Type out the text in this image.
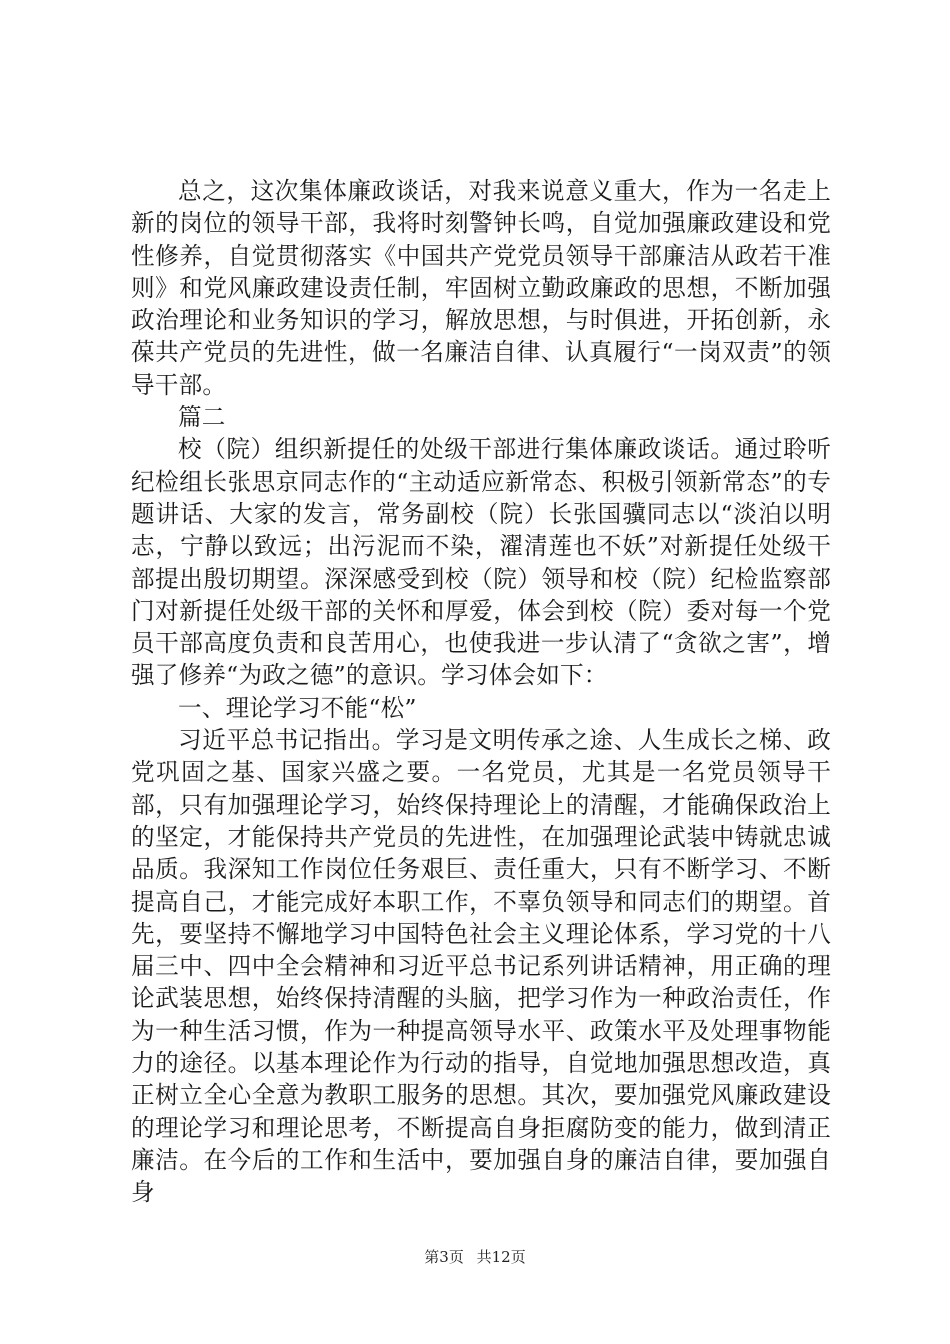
总之，这次集体廉政谈话，对我来说意义重大，作为一名走上新的岗位的领导干部，我将时刻警钟长鸣，自觉加强廉政建设和党性修养，自觉贯彻落实《中国共产党党员领导干部廉洁从政若干准则》和党风廉政建设责任制，牢固树立勤政廉政的思想，不断加强政治理论和业务知识的学习，解放思想，与时俱进，开拓创新，永葆共产党员的先进性，做一名廉洁自律、认真履行“一岗双责”的领导干部。

篇二

校（院）组织新提任的处级干部进行集体廉政谈话。通过聆听纪检组长张思京同志作的“主动适应新常态、积极引领新常态”的专题讲话、大家的发言，常务副校（院）长张国骥同志以“淡泊以明志，宁静以致远；出污泥而不染，濯清莲也不妖”对新提任处级干部提出殷切期望。深深感受到校（院）领导和校（院）纪检监察部门对新提任处级干部的关怀和厚爱，体会到校（院）委对每一个党员干部高度负责和良苦用心，也使我进一步认清了“贪欲之害”，增强了修养“为政之德”的意识。学习体会如下：

一、理论学习不能“松”

习近平总书记指出。学习是文明传承之途、人生成长之梯、政党巩固之基、国家兴盛之要。一名党员，尤其是一名党员领导干部，只有加强理论学习，始终保持理论上的清醒，才能确保政治上的坚定，才能保持共产党员的先进性，在加强理论武装中铸就忠诚品质。我深知工作岗位任务艰巨、责任重大，只有不断学习、不断提高自己，才能完成好本职工作，不辜负领导和同志们的期望。首先，要坚持不懈地学习中国特色社会主义理论体系，学习党的十八届三中、四中全会精神和习近平总书记系列讲话精神，用正确的理论武装思想，始终保持清醒的头脑，把学习作为一种政治责任，作为一种生活习惯，作为一种提高领导水平、政策水平及处理事物能力的途径。以基本理论作为行动的指导，自觉地加强思想改造，真正树立全心全意为教职工服务的思想。其次，要加强党风廉政建设的理论学习和理论思考，不断提高自身拒腐防变的能力，做到清正廉洁。在今后的工作和生活中，要加强自身的廉洁自律，要加强自身

第3页 共12页
